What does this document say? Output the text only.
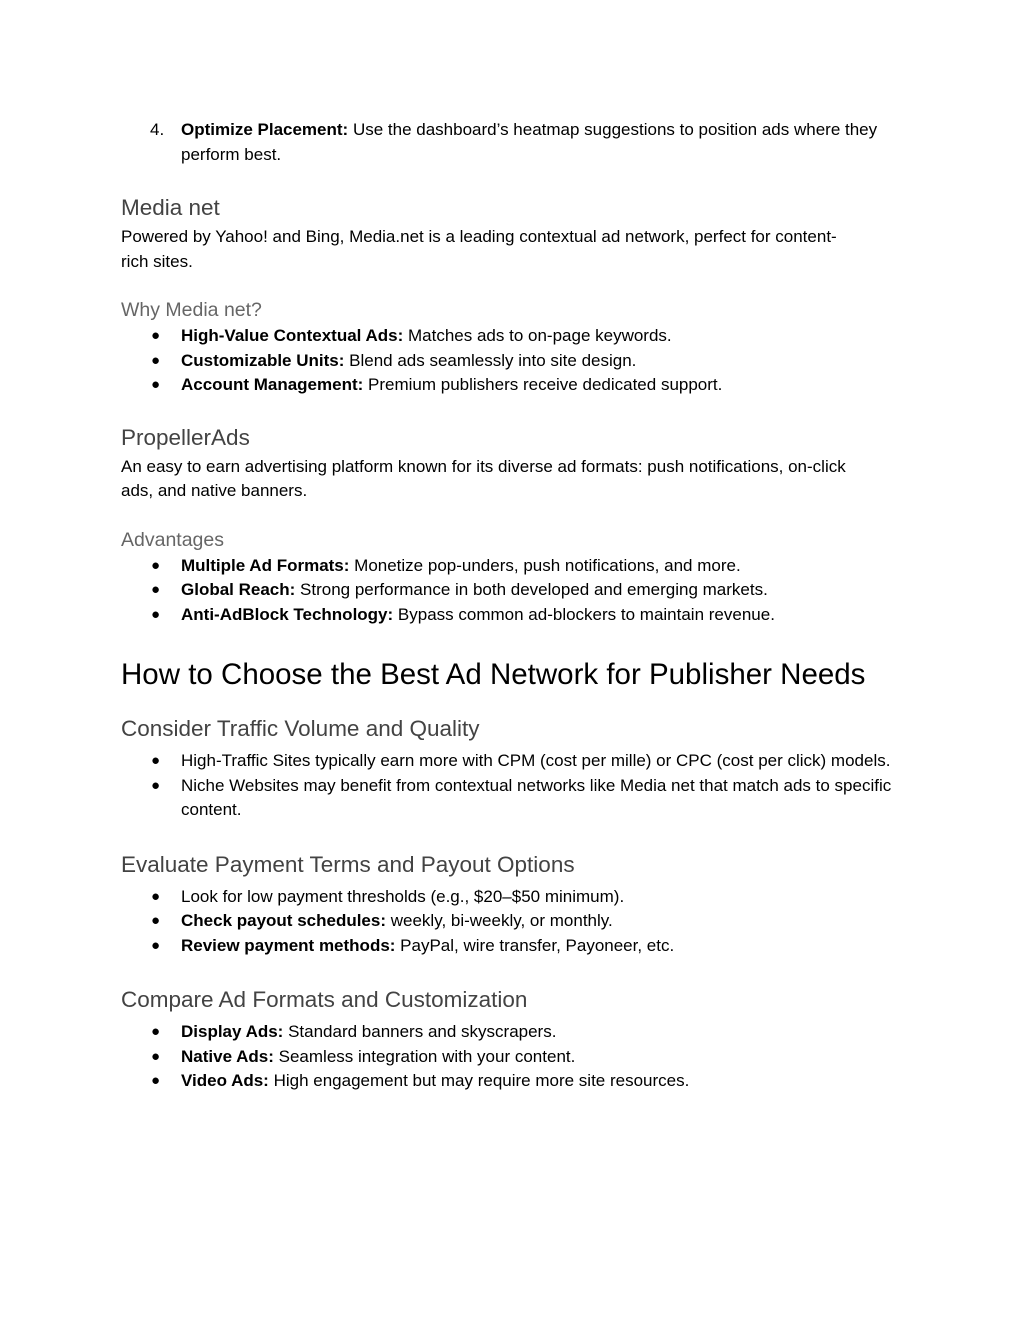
4. Optimize Placement: Use the dashboard’s heatmap suggestions to position ads where they perform best.
Media net

Powered by Yahoo! and Bing, Media.net is a leading contextual ad network, perfect for content-rich sites.

Why Media net?
●	High-Value Contextual Ads: Matches ads to on-page keywords.
●	Customizable Units: Blend ads seamlessly into site design.
●	Account Management: Premium publishers receive dedicated support.
PropellerAds

An easy to earn advertising platform known for its diverse ad formats: push notifications, on-click ads, and native banners.

Advantages
●	Multiple Ad Formats: Monetize pop-unders, push notifications, and more.
●	Global Reach: Strong performance in both developed and emerging markets.
●	Anti-AdBlock Technology: Bypass common ad-blockers to maintain revenue.
How to Choose the Best Ad Network for Publisher Needs
Consider Traffic Volume and Quality
●	High-Traffic Sites typically earn more with CPM (cost per mille) or CPC (cost per click) models.
●	Niche Websites may benefit from contextual networks like Media net that match ads to specific content.
Evaluate Payment Terms and Payout Options
●	Look for low payment thresholds (e.g., $20–$50 minimum).
●	Check payout schedules: weekly, bi-weekly, or monthly.
●	Review payment methods: PayPal, wire transfer, Payoneer, etc.
Compare Ad Formats and Customization
●	Display Ads: Standard banners and skyscrapers.
●	Native Ads: Seamless integration with your content.
●	Video Ads: High engagement but may require more site resources.
